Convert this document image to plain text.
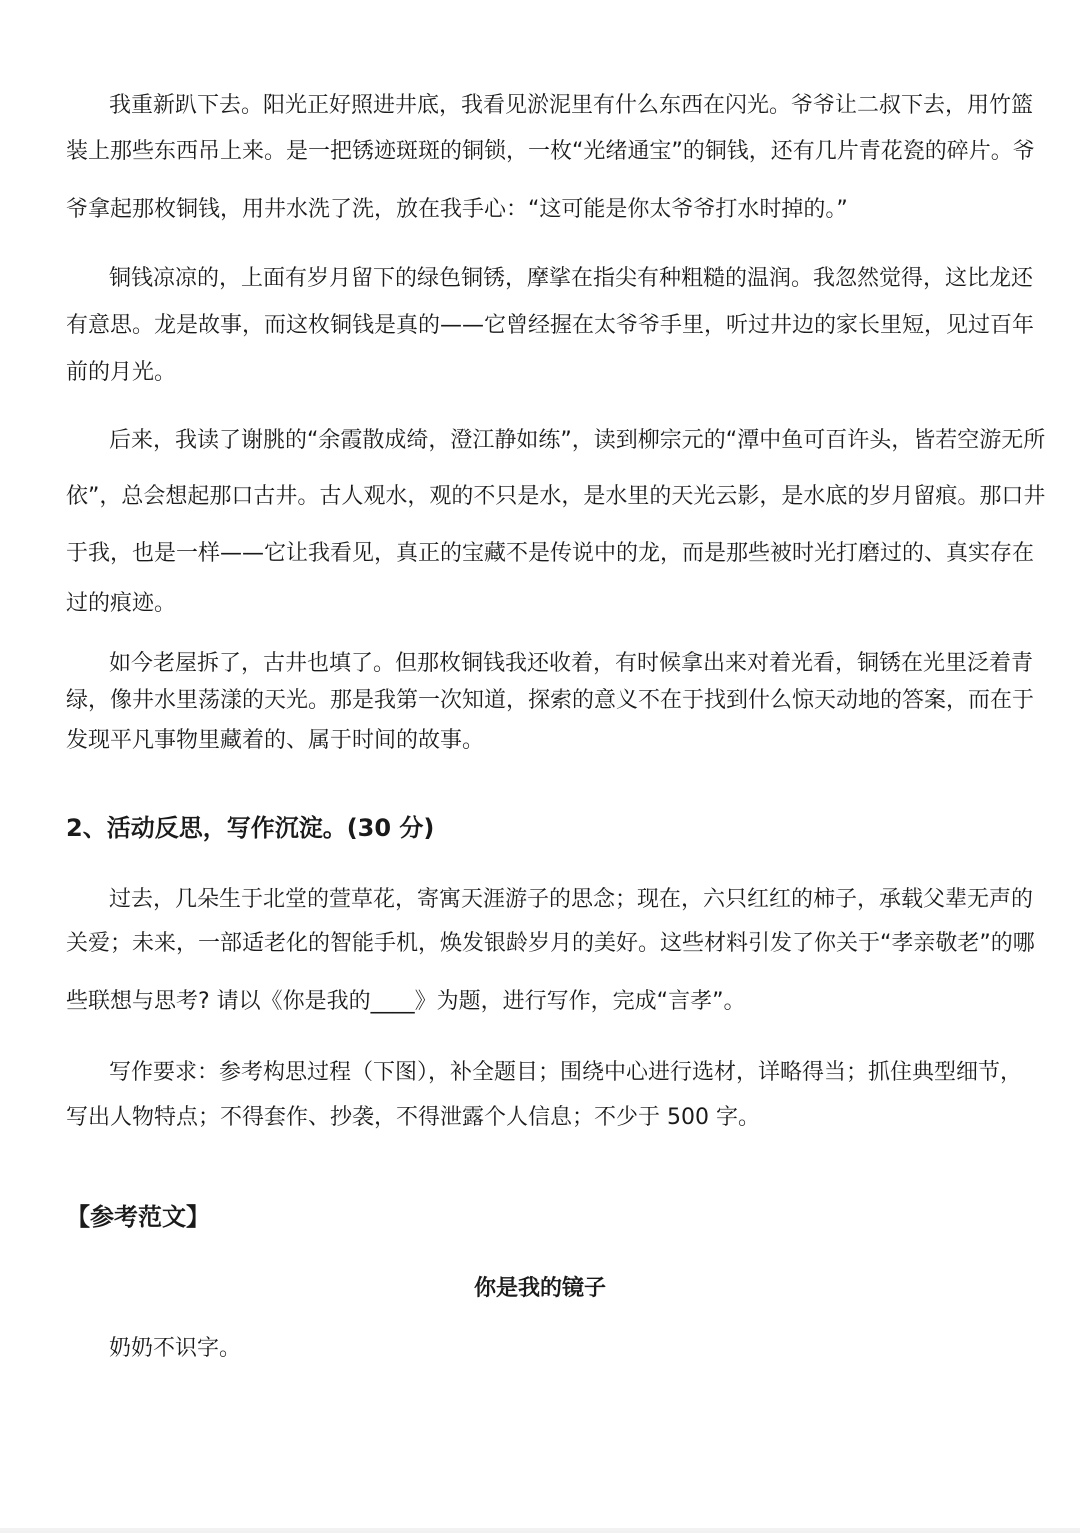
我重新趴下去。阳光正好照进井底，我看见淤泥里有什么东西在闪光。爷爷让二叔下去，用竹篮
装上那些东西吊上来。是一把锈迹斑斑的铜锁，一枚“光绪通宝”的铜钱，还有几片青花瓷的碎片。爷
爷拿起那枚铜钱，用井水洗了洗，放在我手心：“这可能是你太爷爷打水时掉的。”
铜钱凉凉的，上面有岁月留下的绿色铜锈，摩挲在指尖有种粗糙的温润。我忽然觉得，这比龙还
有意思。龙是故事，而这枚铜钱是真的——它曾经握在太爷爷手里，听过井边的家长里短，见过百年
前的月光。
后来，我读了谢朓的“余霞散成绮，澄江静如练”，读到柳宗元的“潭中鱼可百许头，皆若空游无所
依”，总会想起那口古井。古人观水，观的不只是水，是水里的天光云影，是水底的岁月留痕。那口井
于我，也是一样——它让我看见，真正的宝藏不是传说中的龙，而是那些被时光打磨过的、真实存在
过的痕迹。
如今老屋拆了，古井也填了。但那枚铜钱我还收着，有时候拿出来对着光看，铜锈在光里泛着青
绿，像井水里荡漾的天光。那是我第一次知道，探索的意义不在于找到什么惊天动地的答案，而在于
发现平凡事物里藏着的、属于时间的故事。
2、活动反思，写作沉淀。(30 分)
过去，几朵生于北堂的萱草花，寄寓天涯游子的思念；现在，六只红红的柿子，承载父辈无声的
关爱；未来，一部适老化的智能手机，焕发银龄岁月的美好。这些材料引发了你关于“孝亲敬老”的哪
些联想与思考? 请以《你是我的____》为题，进行写作，完成“言孝”。
写作要求：参考构思过程（下图），补全题目；围绕中心进行选材，详略得当；抓住典型细节，
写出人物特点；不得套作、抄袭，不得泄露个人信息；不少于 500 字。
【参考范文】
你是我的镜子
奶奶不识字。
